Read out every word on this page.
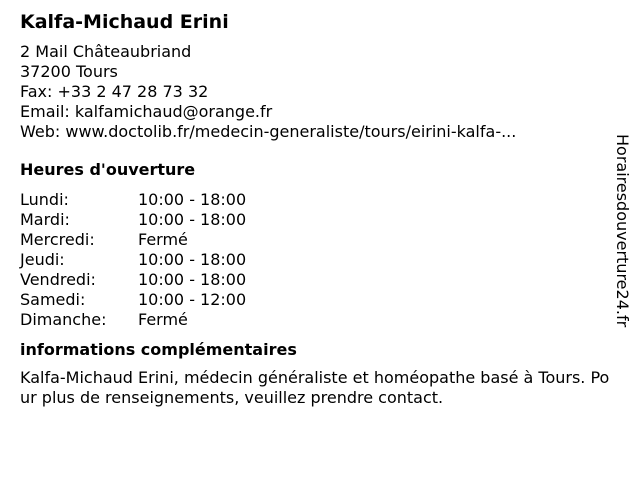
Kalfa-Michaud Erini
2 Mail Châteaubriand
37200 Tours
Fax: +33 2 47 28 73 32
Email: kalfamichaud@orange.fr
Web: www.doctolib.fr/medecin-generaliste/tours/eirini-kalfa-...
Heures d'ouverture
Lundi:	10:00 - 18:00
Mardi:	10:00 - 18:00
Mercredi:	Fermé
Jeudi:	10:00 - 18:00
Vendredi:	10:00 - 18:00
Samedi:	10:00 - 12:00
Dimanche:	Fermé
informations complémentaires
Kalfa-Michaud Erini, médecin généraliste et homéopathe basé à Tours. Pour plus de renseignements, veuillez prendre contact.
Horairesdouverture24.fr
